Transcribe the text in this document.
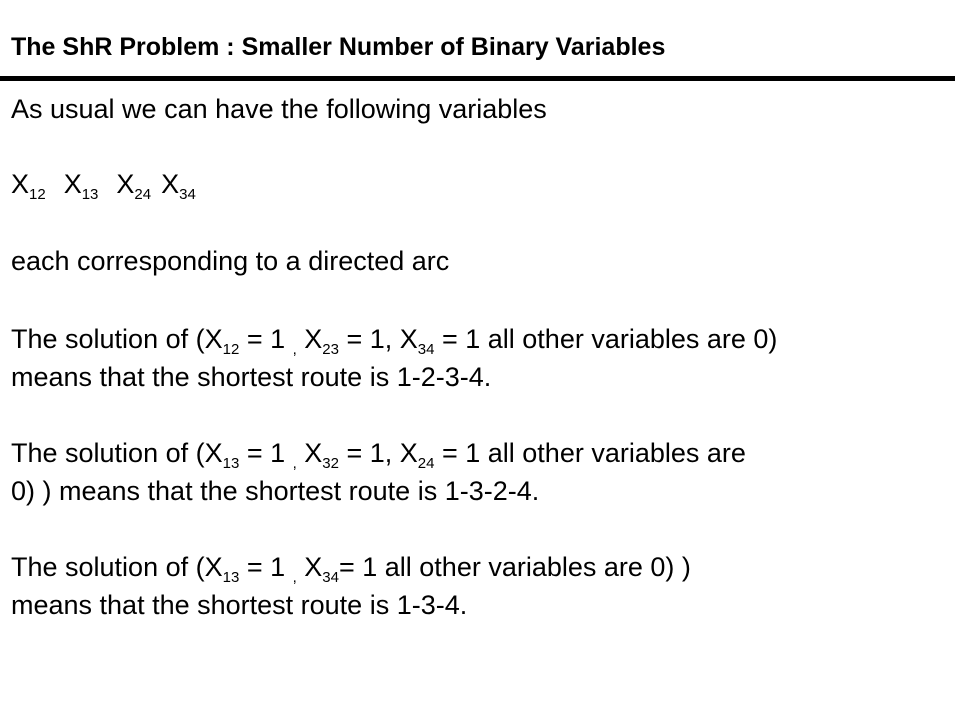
The ShR Problem : Smaller Number of Binary Variables
As usual we can have the following variables
$X_{12}$ $X_{13}$ $X_{24}$ $X_{34}$
each corresponding to a directed arc
The solution of ($X_{12} = 1$ $_,$ $X_{23} = 1$, $X_{34} = 1$ all other variables are 0)
means that the shortest route is 1-2-3-4.
The solution of ($X_{13} = 1$ $_,$ $X_{32} = 1$, $X_{24} = 1$ all other variables are
0) ) means that the shortest route is 1-3-2-4.
The solution of ($X_{13} = 1$ $_,$ $X_{34}= 1$ all other variables are 0) )
means that the shortest route is 1-3-4.
